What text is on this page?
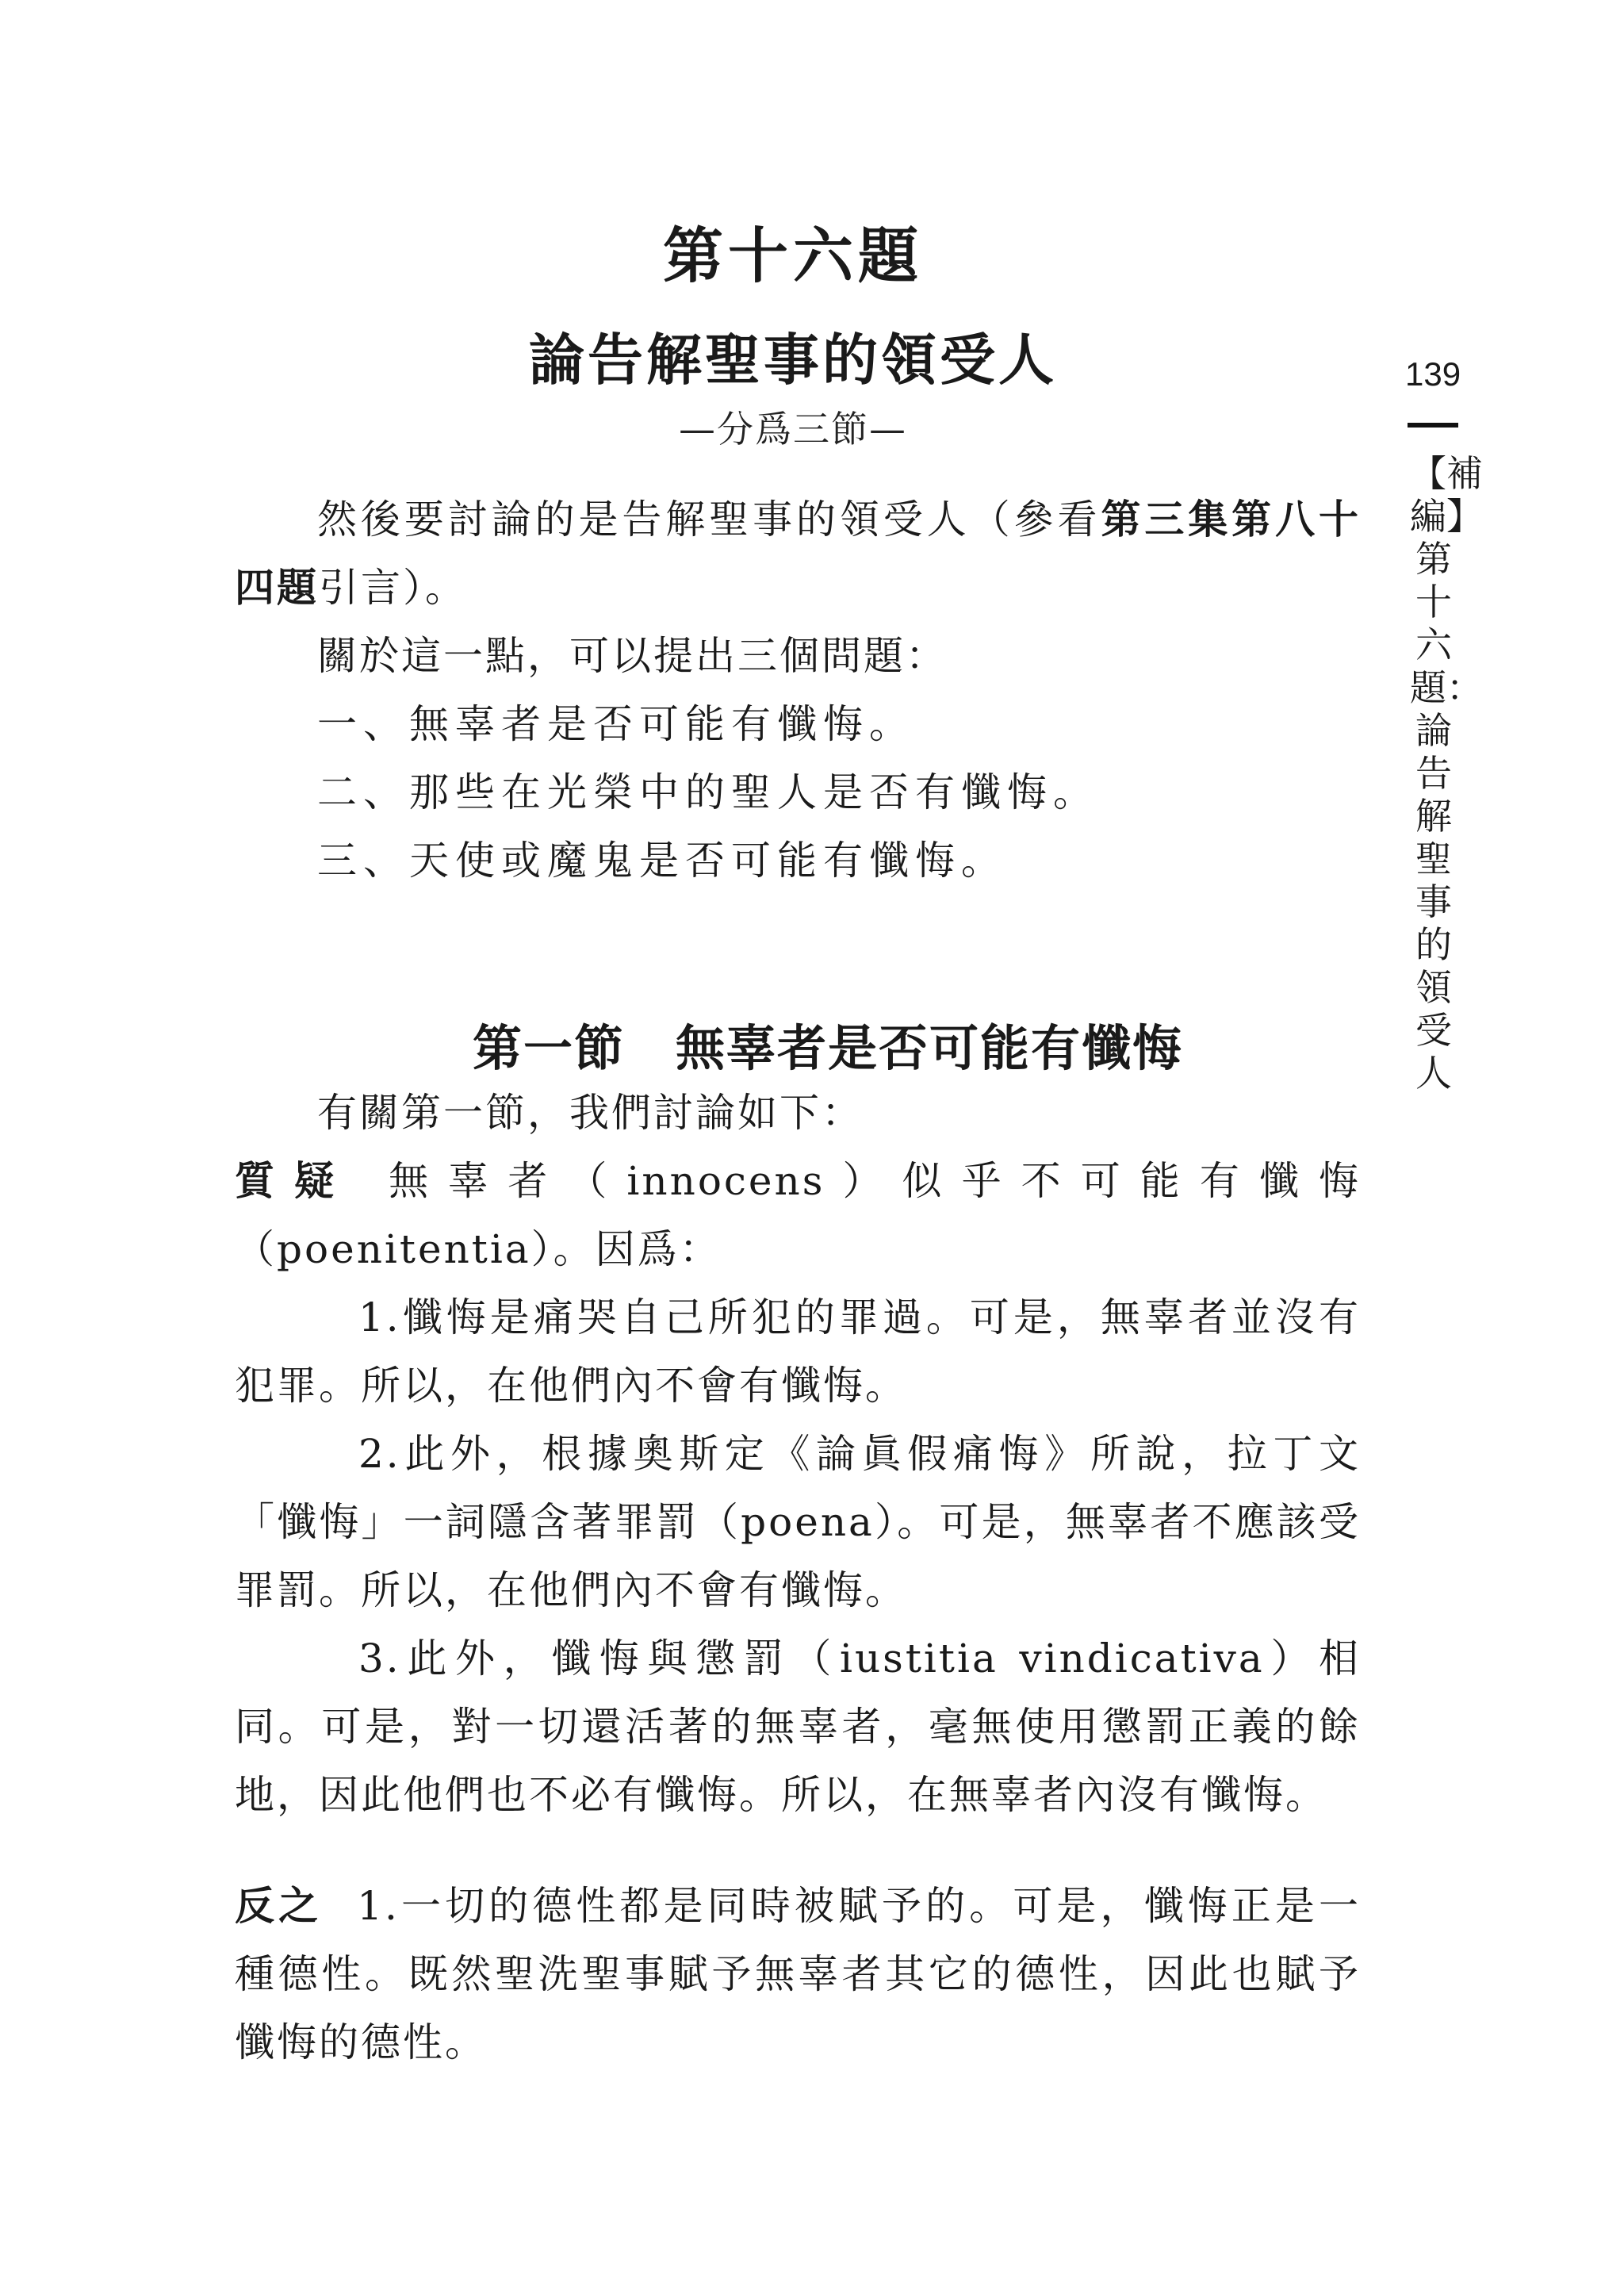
第十六題
論告解聖事的領受人
—分爲三節—
139
【補編】第十六題：論告解聖事的領受人
然後要討論的是告解聖事的領受人（參看第三集第八十四題引言）。
關於這一點，可以提出三個問題：
一、無辜者是否可能有懺悔。
二、那些在光榮中的聖人是否有懺悔。
三、天使或魔鬼是否可能有懺悔。
第一節 無辜者是否可能有懺悔
有關第一節，我們討論如下：
質疑 無辜者（innocens）似乎不可能有懺悔（poenitentia）。因爲：
1.懺悔是痛哭自己所犯的罪過。可是，無辜者並沒有犯罪。所以，在他們內不會有懺悔。
2.此外，根據奧斯定《論眞假痛悔》所說，拉丁文「懺悔」一詞隱含著罪罰（poena）。可是，無辜者不應該受罪罰。所以，在他們內不會有懺悔。
3.此外，懺悔與懲罰（iustitia vindicativa）相同。可是，對一切還活著的無辜者，毫無使用懲罰正義的餘地，因此他們也不必有懺悔。所以，在無辜者內沒有懺悔。
反之 1.一切的德性都是同時被賦予的。可是，懺悔正是一種德性。既然聖洗聖事賦予無辜者其它的德性，因此也賦予懺悔的德性。
